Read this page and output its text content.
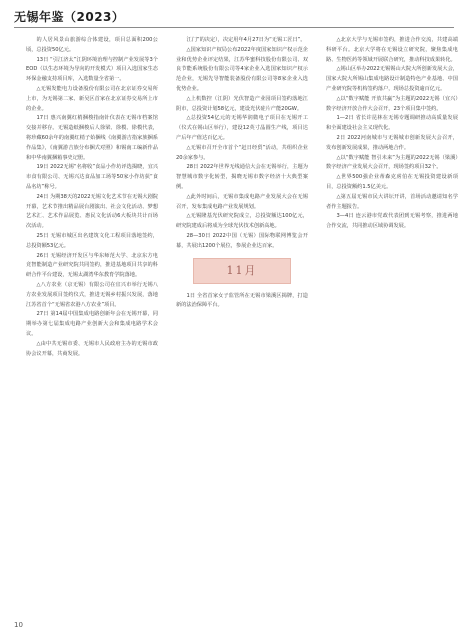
无锡年鉴（2023）

的人居风景山旅游综合体建设，项目总面积200公顷，总投资50亿元。

13日 “引江济太”江阴环境治理与控制产业发展等3个EOD（以生态环境为导向的开发模式）项目入选国家生态环保金融支持项目库，入选数量全省第一。

△无锡发能电力设备股份有限公司在北京证券交易所上市，为无锡第二家、新吴区首家在北京证券交易所上市的企业。

17日 惠兴南翼红梢捆梭指南针仪表在无锡市档案馆交接并移存。无锡造纸捆梭后人徐梁、徐模、徐模代表，将珍藏60余年的南翼红梢子始捆线《南翼游吉指家族捆系作品集》，《南翼游吉族分布捆式对照》和锡南工编新作品和中华南翼捆箱事史记册。

19日 2022无锡“名将收”食品小作坊评选揭晓，宜兴市食有限公司、无锡兴达食品加工场等50家小作坊获“食品名坊”称号。

24日 为期38天的2022无锡文化艺术节在无锡大剧院开幕，艺术节推出精品展台剧演出、社会文化活动、梦想艺术汇、艺术作品展览、惠民文化活动6大板块共计百场次活动。

25日 无锡市城区出名建筑文化工程项目落地签约，总投资额53亿元。

26日 无锡经济开发区与华东师范大学、北京东方电竞智能制造产业研究院共同签约，推进基地项目共享的科研合作平台建设，无锡太湖湾华东教育学院落地。

△八方农业（京无锡）有限公司在宜兴市举行无锡八方农业发展项目签约仪式，推进无锡乡村振兴发展，落地江苏省首个“无锡省农港八方农业”项目。

27日 第14届中国集成电路创新年会在无锡开幕，同期举办第七届集成电路产业创新大会和集成电路学术会议。

△由中共无锡市委、无锡市人民政府主办的无锡市政协会议开幕，共商发展。

江门”的决定），决定用年4月27日为“无锡工匠日”。

△国家知识产权局公布2022年度国家知识产权示范企业和优势企业评定结果，江苏华蜜科技股份有限公司、双良节能系统股份有限公司等4家企业入选国家知识产权示范企业，无锡先导智能装备股份有限公司等8家企业入选优势企业。

△上机数控（江阴）光伏智造产业园项目签约落地江阴市，总投资计划58亿元，建设光伏硅片产能20GW。

△总投资54亿元的无锡华润微电子项目在无锡开工（仪式在锡山区举行），建设12英寸晶圆生产线，项目达产后年产值达百亿元。

△无锡市召开全市首个“赶日经贸”活动，共组织企业20余家参与。

28日 2022年世界无线通信大会在无锡举行，主题为智慧城市数字化转型，揭晓无锡市数字经济十大典型案例。

△此外时间后，无锡市集成电路产业发展大会在无锡召开，发布集成电路产业发展规划。

△无锡隆基光伏研究院成立，总投资额达100亿元，研究院建成后将成为全球光伏技术创新高地。

28—30日 2022中国（无锡）国际物联网博览会开幕，共展出1200个展位，参展企业达百家。

11月

1日 全省首家女子监管所在无锡市梁溪区揭牌，打造新的法治保障平台。

△北京大学与无锡市签约，推进合作交流，共建高端科研平台。北京大学将在无锡设立研究院，聚焦集成电路、生物医药等领域开展联合研究，推动科技成果转化。

△锡山区举办2022无锡锡山大院大所创新发展大会，国家大院大所锡山集成电路设计制造特色产业基地、中国产业研究院等机构签约落户，现场总投资逾百亿元。

△以“数字赋能 开放共赢”为主题的2022无锡（宜兴）数字经济开放合作大会召开，23个项目集中签约。

1—2日 省长许昆林在无锡专题调研推动高质量发展和全面建设社会主义现代化。

2日 2022河南城市与无锡城市创新发展大会召开，发布创新发展成果，推动两地合作。

△以“数字赋能 智引未来”为主题的2022无锡（梁溪）数字经济产业发展大会召开，现场签约项目32个。

△世界500强企业蒂森克虏伯在无锡投资建设新项目，总投资额约1.5亿美元。

△第五届无锡市民大讲坛开讲，首场活动邀请知名学者作主题报告。

3—4日 连云港市党政代表团到无锡考察，推进两地合作交流，共同推动区域协调发展。

10
